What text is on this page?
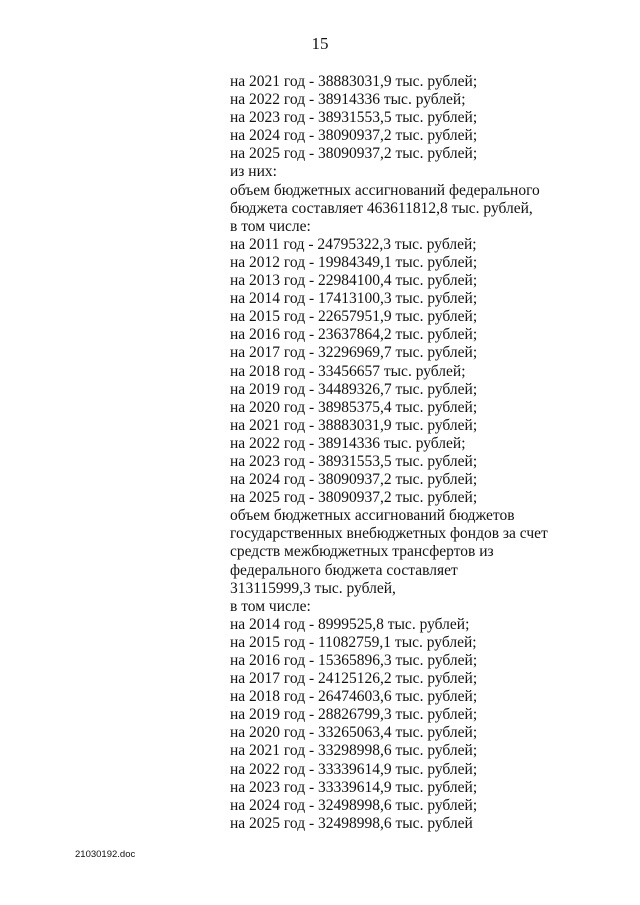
15
на 2021 год - 38883031,9 тыс. рублей;
на 2022 год - 38914336 тыс. рублей;
на 2023 год - 38931553,5 тыс. рублей;
на 2024 год - 38090937,2 тыс. рублей;
на 2025 год - 38090937,2 тыс. рублей;
из них:
объем бюджетных ассигнований федерального
бюджета составляет 463611812,8 тыс. рублей,
в том числе:
на 2011 год - 24795322,3 тыс. рублей;
на 2012 год - 19984349,1 тыс. рублей;
на 2013 год - 22984100,4 тыс. рублей;
на 2014 год - 17413100,3 тыс. рублей;
на 2015 год - 22657951,9 тыс. рублей;
на 2016 год - 23637864,2 тыс. рублей;
на 2017 год - 32296969,7 тыс. рублей;
на 2018 год - 33456657 тыс. рублей;
на 2019 год - 34489326,7 тыс. рублей;
на 2020 год - 38985375,4 тыс. рублей;
на 2021 год - 38883031,9 тыс. рублей;
на 2022 год - 38914336 тыс. рублей;
на 2023 год - 38931553,5 тыс. рублей;
на 2024 год - 38090937,2 тыс. рублей;
на 2025 год - 38090937,2 тыс. рублей;
объем бюджетных ассигнований бюджетов
государственных внебюджетных фондов за счет
средств межбюджетных трансфертов из
федерального бюджета составляет
313115999,3 тыс. рублей,
в том числе:
на 2014 год - 8999525,8 тыс. рублей;
на 2015 год - 11082759,1 тыс. рублей;
на 2016 год - 15365896,3 тыс. рублей;
на 2017 год - 24125126,2 тыс. рублей;
на 2018 год - 26474603,6 тыс. рублей;
на 2019 год - 28826799,3 тыс. рублей;
на 2020 год - 33265063,4 тыс. рублей;
на 2021 год - 33298998,6 тыс. рублей;
на 2022 год - 33339614,9 тыс. рублей;
на 2023 год - 33339614,9 тыс. рублей;
на 2024 год - 32498998,6 тыс. рублей;
на 2025 год - 32498998,6 тыс. рублей
21030192.doc
